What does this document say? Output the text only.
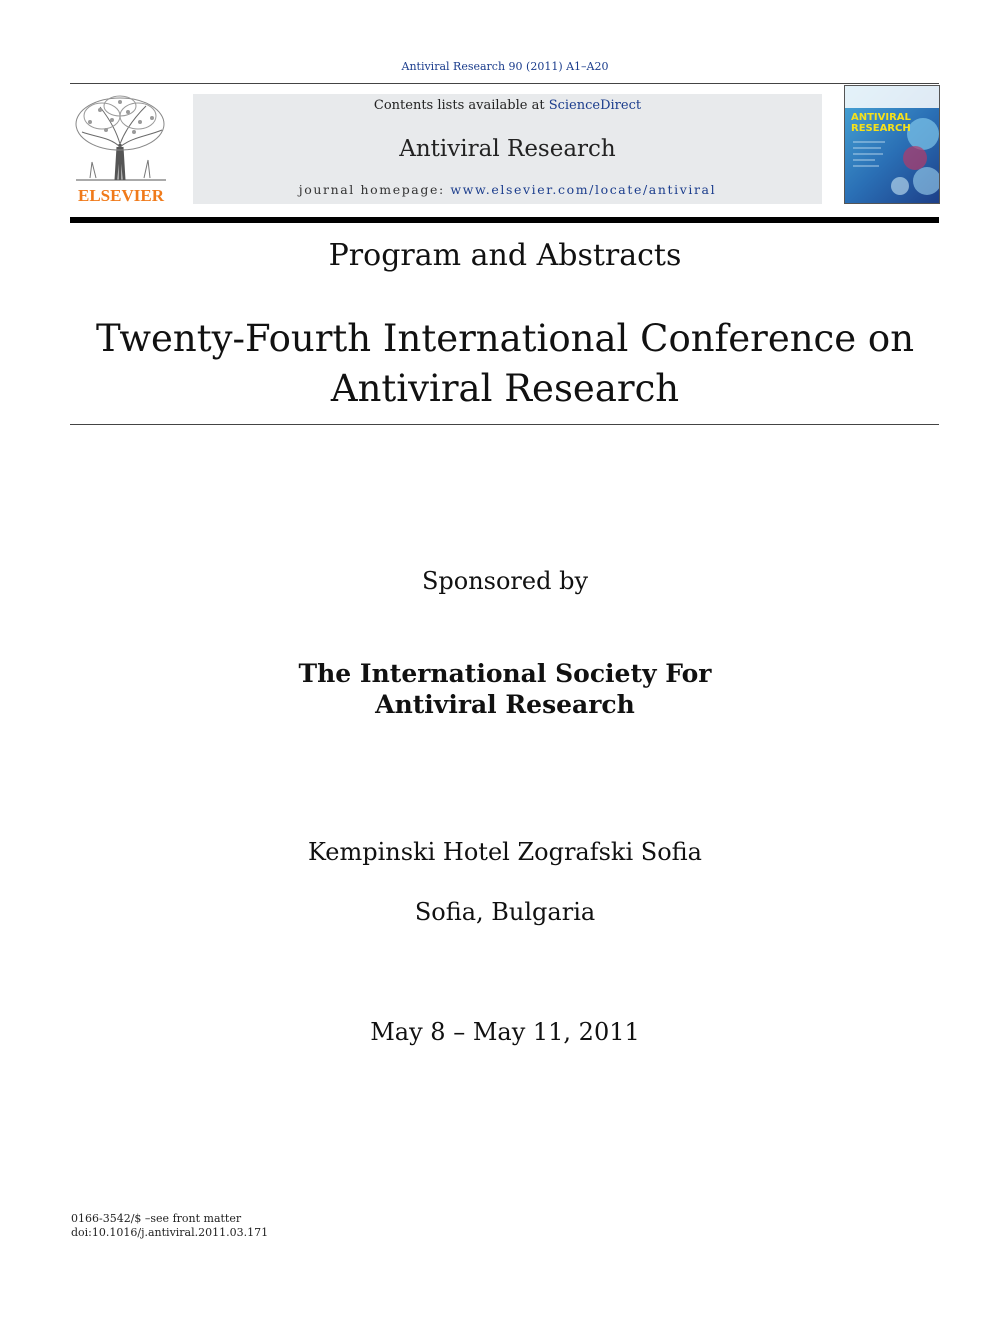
Antiviral Research 90 (2011) A1–A20
ELSEVIER
Contents lists available at ScienceDirect
Antiviral Research
journal homepage: www.elsevier.com/locate/antiviral
ANTIVIRAL
RESEARCH
Program and Abstracts
Twenty-Fourth International Conference on
Antiviral Research
Sponsored by
The International Society For
Antiviral Research
Kempinski Hotel Zografski Sofia
Sofia, Bulgaria
May 8 – May 11, 2011
0166-3542/$ –see front matter
doi:10.1016/j.antiviral.2011.03.171
